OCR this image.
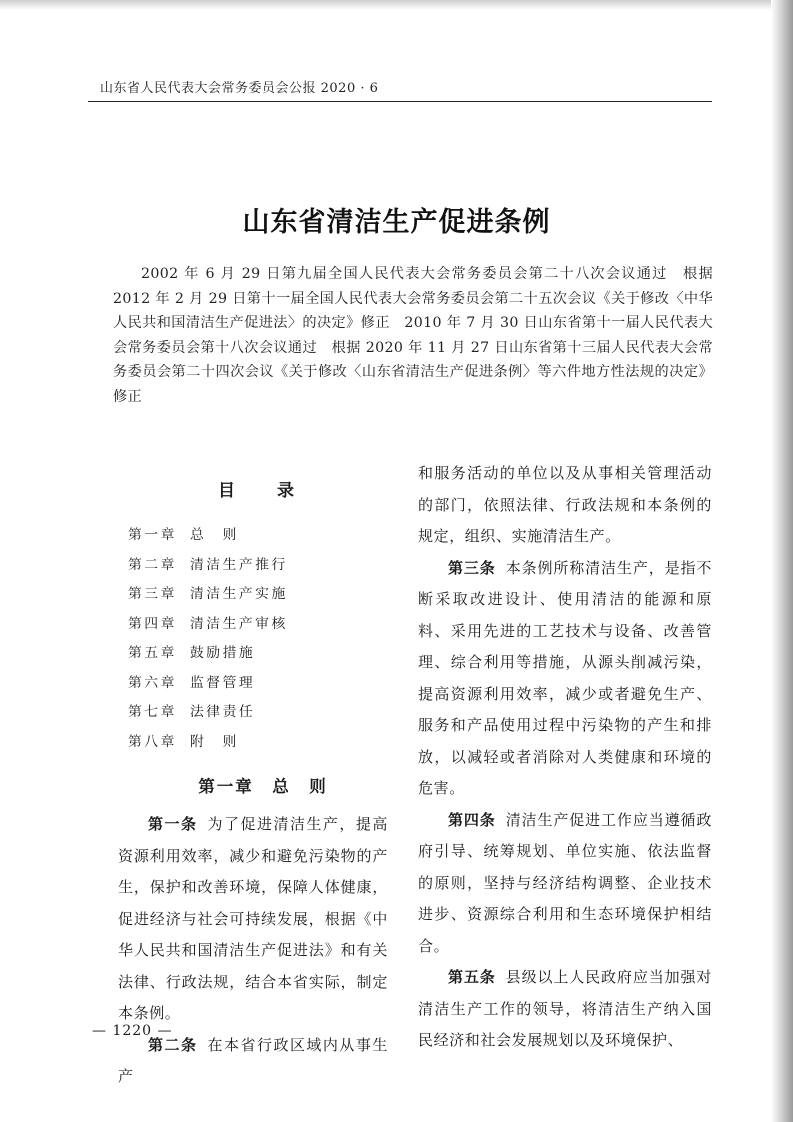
山东省人民代表大会常务委员会公报 2020 · 6
山东省清洁生产促进条例
2002 年 6 月 29 日第九届全国人民代表大会常务委员会第二十八次会议通过　根据 2012 年 2 月 29 日第十一届全国人民代表大会常务委员会第二十五次会议《关于修改〈中华人民共和国清洁生产促进法〉的决定》修正　2010 年 7 月 30 日山东省第十一届人民代表大会常务委员会第十八次会议通过　根据 2020 年 11 月 27 日山东省第十三届人民代表大会常务委员会第二十四次会议《关于修改〈山东省清洁生产促进条例〉等六件地方性法规的决定》修正
目 录
第一章 总　则
第二章 清洁生产推行
第三章 清洁生产实施
第四章 清洁生产审核
第五章 鼓励措施
第六章 监督管理
第七章 法律责任
第八章 附　则
第一章　总　则

第一条 为了促进清洁生产，提高资源利用效率，减少和避免污染物的产生，保护和改善环境，保障人体健康，促进经济与社会可持续发展，根据《中华人民共和国清洁生产促进法》和有关法律、行政法规，结合本省实际，制定本条例。

第二条 在本省行政区域内从事生产

和服务活动的单位以及从事相关管理活动的部门，依照法律、行政法规和本条例的规定，组织、实施清洁生产。

第三条 本条例所称清洁生产，是指不断采取改进设计、使用清洁的能源和原料、采用先进的工艺技术与设备、改善管理、综合利用等措施，从源头削减污染，提高资源利用效率，减少或者避免生产、服务和产品使用过程中污染物的产生和排放，以减轻或者消除对人类健康和环境的危害。

第四条 清洁生产促进工作应当遵循政府引导、统筹规划、单位实施、依法监督的原则，坚持与经济结构调整、企业技术进步、资源综合利用和生态环境保护相结合。

第五条 县级以上人民政府应当加强对清洁生产工作的领导，将清洁生产纳入国民经济和社会发展规划以及环境保护、

— 1220 —
